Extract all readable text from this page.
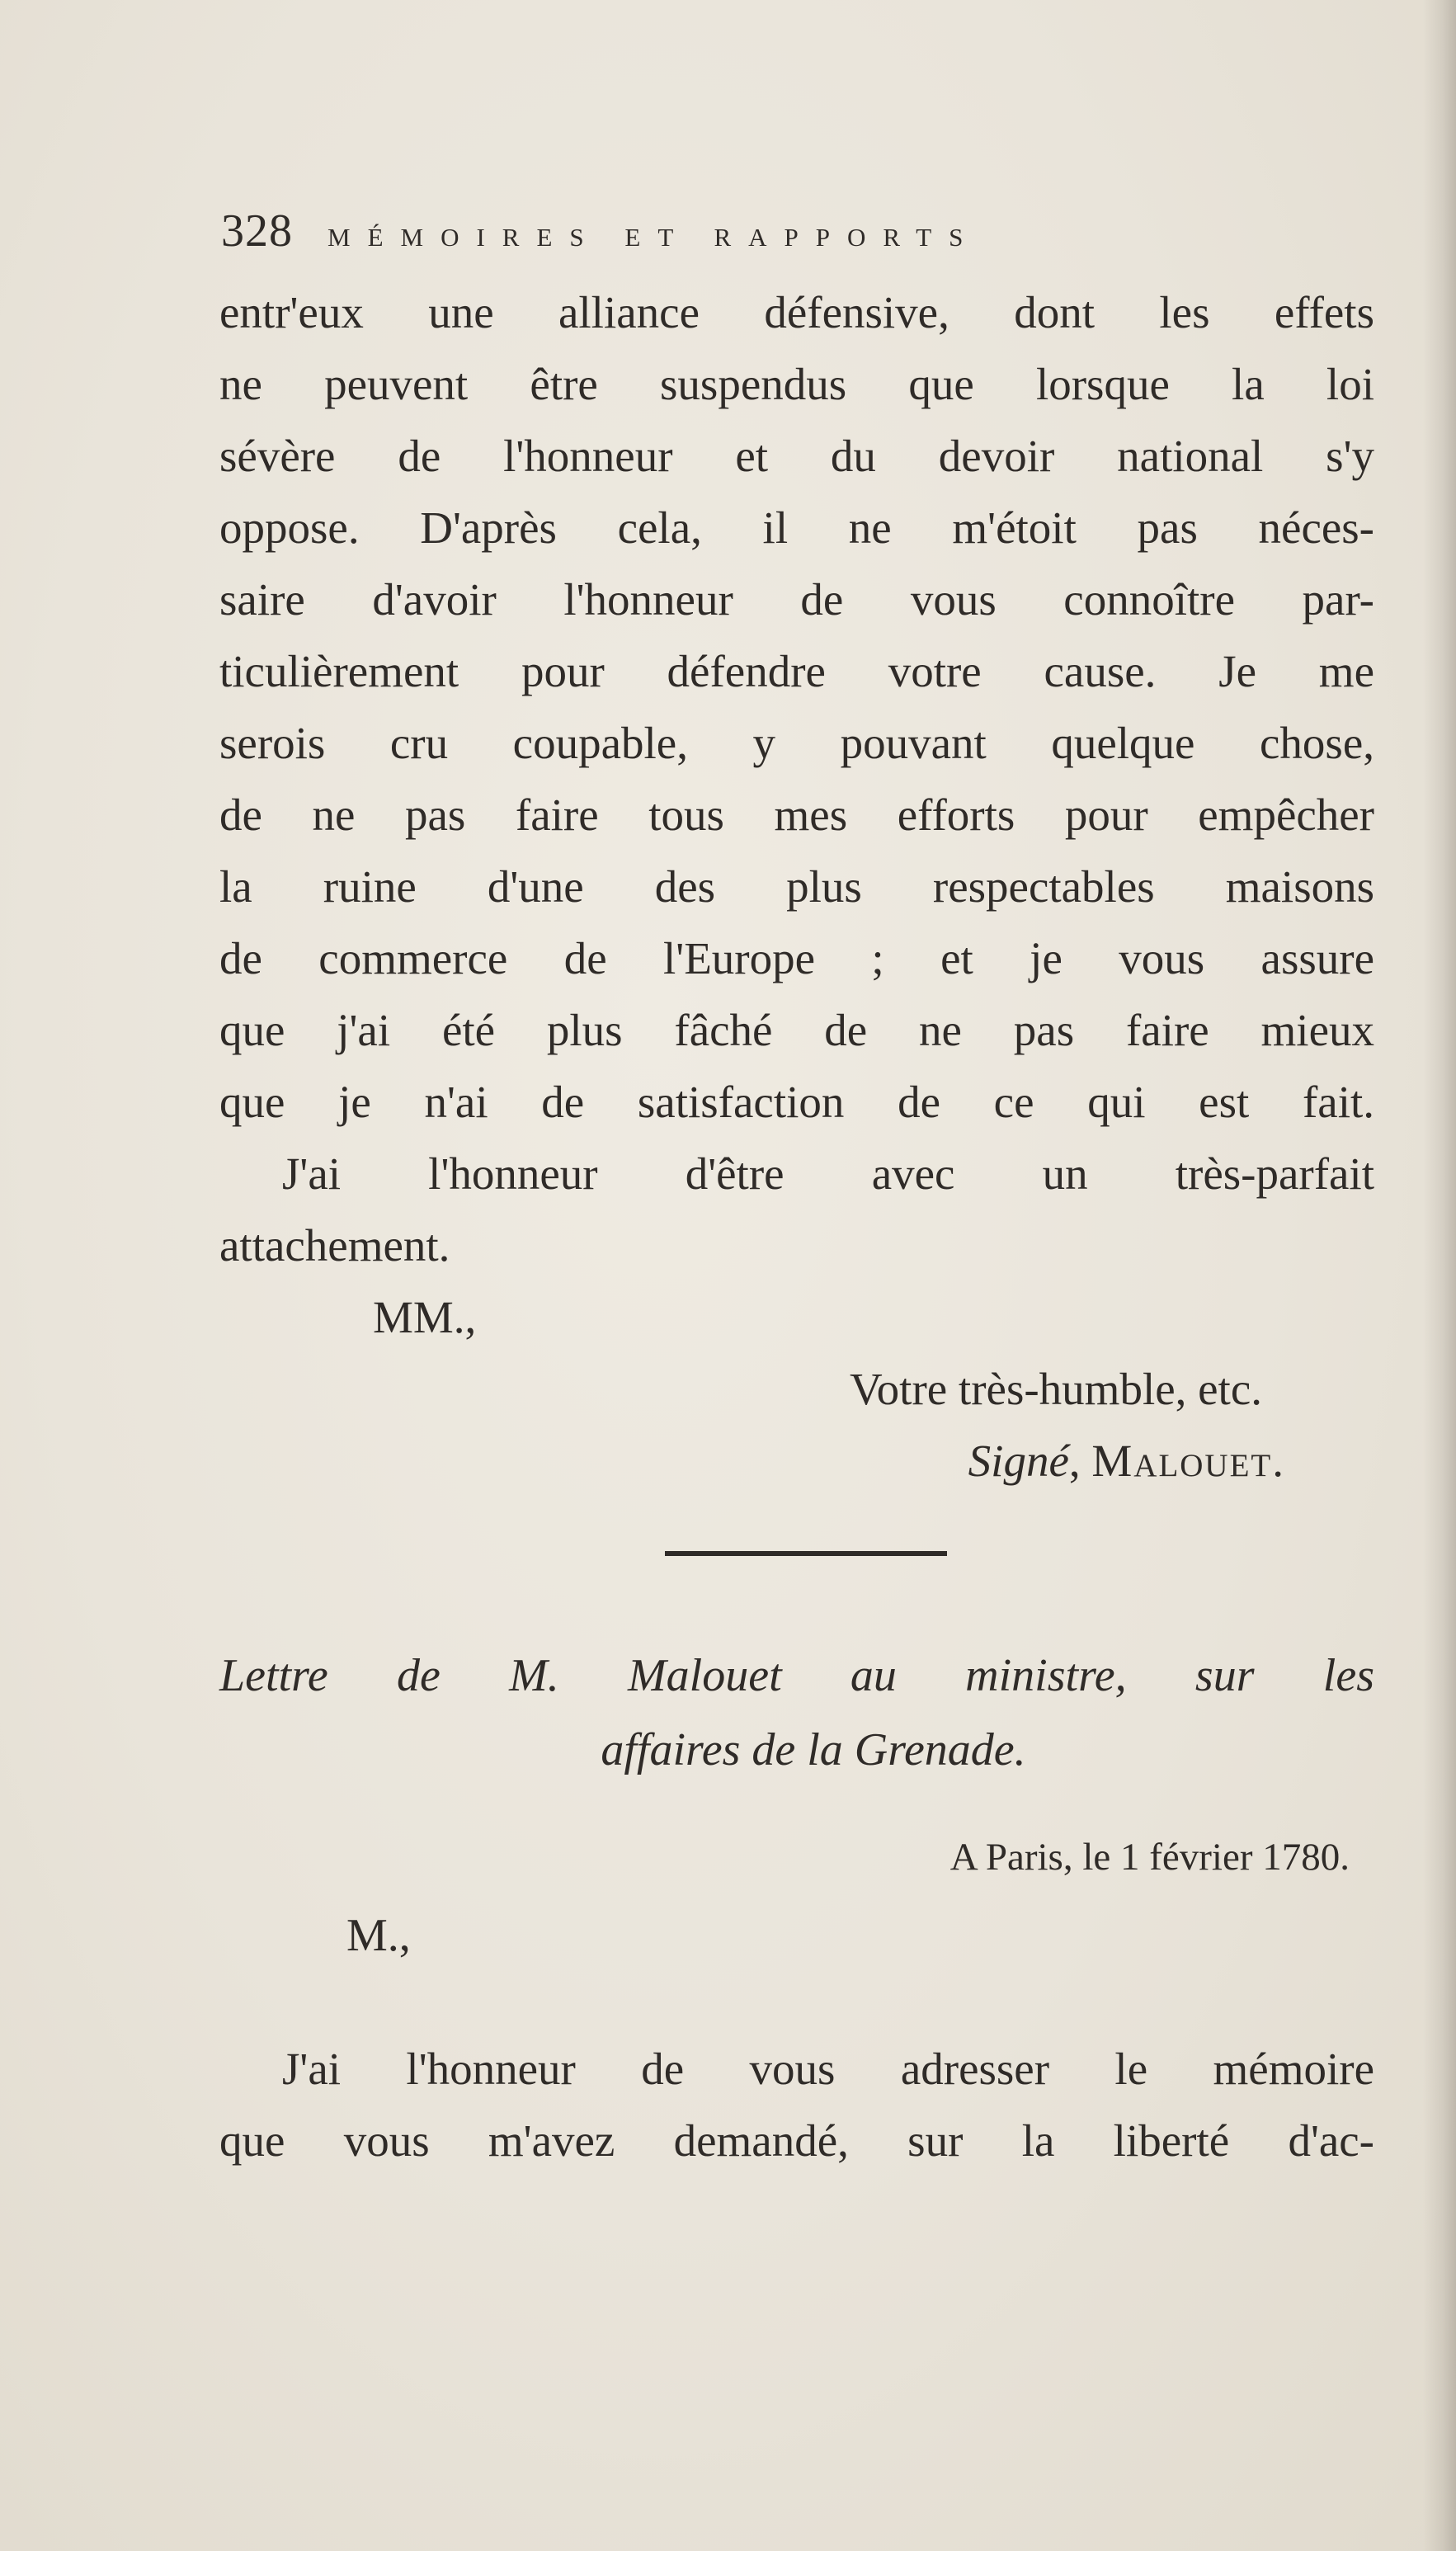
328 MÉMOIRES ET RAPPORTS
entr'eux une alliance défensive, dont les effets
ne peuvent être suspendus que lorsque la loi
sévère de l'honneur et du devoir national s'y
oppose. D'après cela, il ne m'étoit pas néces-
saire d'avoir l'honneur de vous connoître par-
ticulièrement pour défendre votre cause. Je me
serois cru coupable, y pouvant quelque chose,
de ne pas faire tous mes efforts pour empêcher
la ruine d'une des plus respectables maisons
de commerce de l'Europe ; et je vous assure
que j'ai été plus fâché de ne pas faire mieux
que je n'ai de satisfaction de ce qui est fait.
J'ai l'honneur d'être avec un très-parfait
attachement.
MM.,
Votre très-humble, etc.
Signé, Malouet.
Lettre de M. Malouet au ministre, sur les
affaires de la Grenade.
A Paris, le 1 février 1780.
M.,
J'ai l'honneur de vous adresser le mémoire
que vous m'avez demandé, sur la liberté d'ac-
